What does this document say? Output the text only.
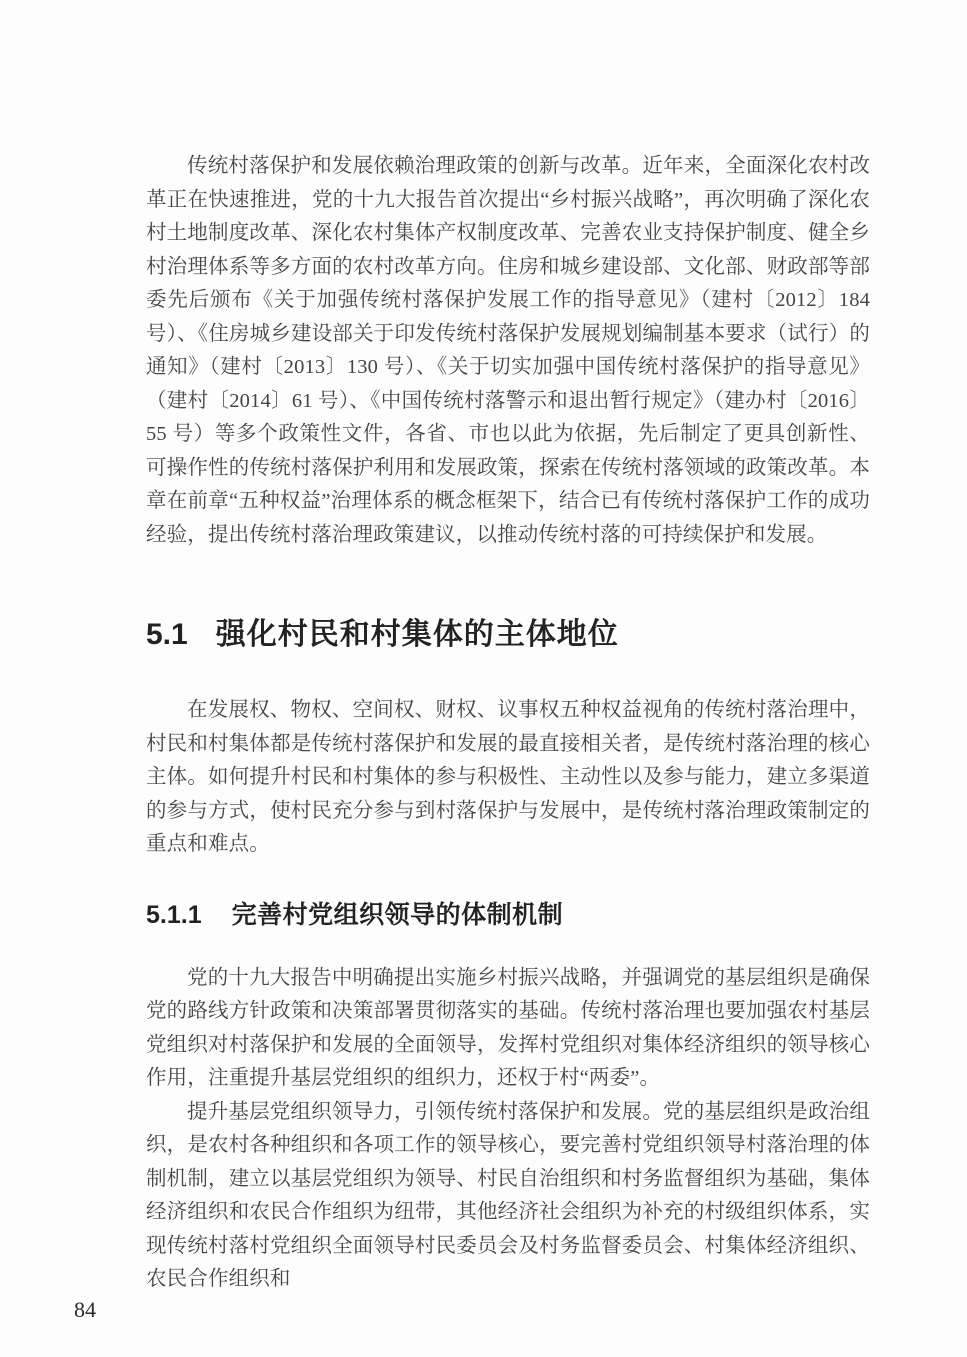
传统村落保护和发展依赖治理政策的创新与改革。近年来，全面深化农村改革正在快速推进，党的十九大报告首次提出“乡村振兴战略”，再次明确了深化农村土地制度改革、深化农村集体产权制度改革、完善农业支持保护制度、健全乡村治理体系等多方面的农村改革方向。住房和城乡建设部、文化部、财政部等部委先后颁布《关于加强传统村落保护发展工作的指导意见》（建村〔2012〕184 号）、《住房城乡建设部关于印发传统村落保护发展规划编制基本要求（试行）的通知》（建村〔2013〕130 号）、《关于切实加强中国传统村落保护的指导意见》（建村〔2014〕61 号）、《中国传统村落警示和退出暂行规定》（建办村〔2016〕55 号）等多个政策性文件，各省、市也以此为依据，先后制定了更具创新性、可操作性的传统村落保护利用和发展政策，探索在传统村落领域的政策改革。本章在前章“五种权益”治理体系的概念框架下，结合已有传统村落保护工作的成功经验，提出传统村落治理政策建议，以推动传统村落的可持续保护和发展。

5.1 强化村民和村集体的主体地位

在发展权、物权、空间权、财权、议事权五种权益视角的传统村落治理中，村民和村集体都是传统村落保护和发展的最直接相关者，是传统村落治理的核心主体。如何提升村民和村集体的参与积极性、主动性以及参与能力，建立多渠道的参与方式，使村民充分参与到村落保护与发展中，是传统村落治理政策制定的重点和难点。

5.1.1 完善村党组织领导的体制机制

党的十九大报告中明确提出实施乡村振兴战略，并强调党的基层组织是确保党的路线方针政策和决策部署贯彻落实的基础。传统村落治理也要加强农村基层党组织对村落保护和发展的全面领导，发挥村党组织对集体经济组织的领导核心作用，注重提升基层党组织的组织力，还权于村“两委”。

提升基层党组织领导力，引领传统村落保护和发展。党的基层组织是政治组织，是农村各种组织和各项工作的领导核心，要完善村党组织领导村落治理的体制机制，建立以基层党组织为领导、村民自治组织和村务监督组织为基础，集体经济组织和农民合作组织为纽带，其他经济社会组织为补充的村级组织体系，实现传统村落村党组织全面领导村民委员会及村务监督委员会、村集体经济组织、农民合作组织和

84
